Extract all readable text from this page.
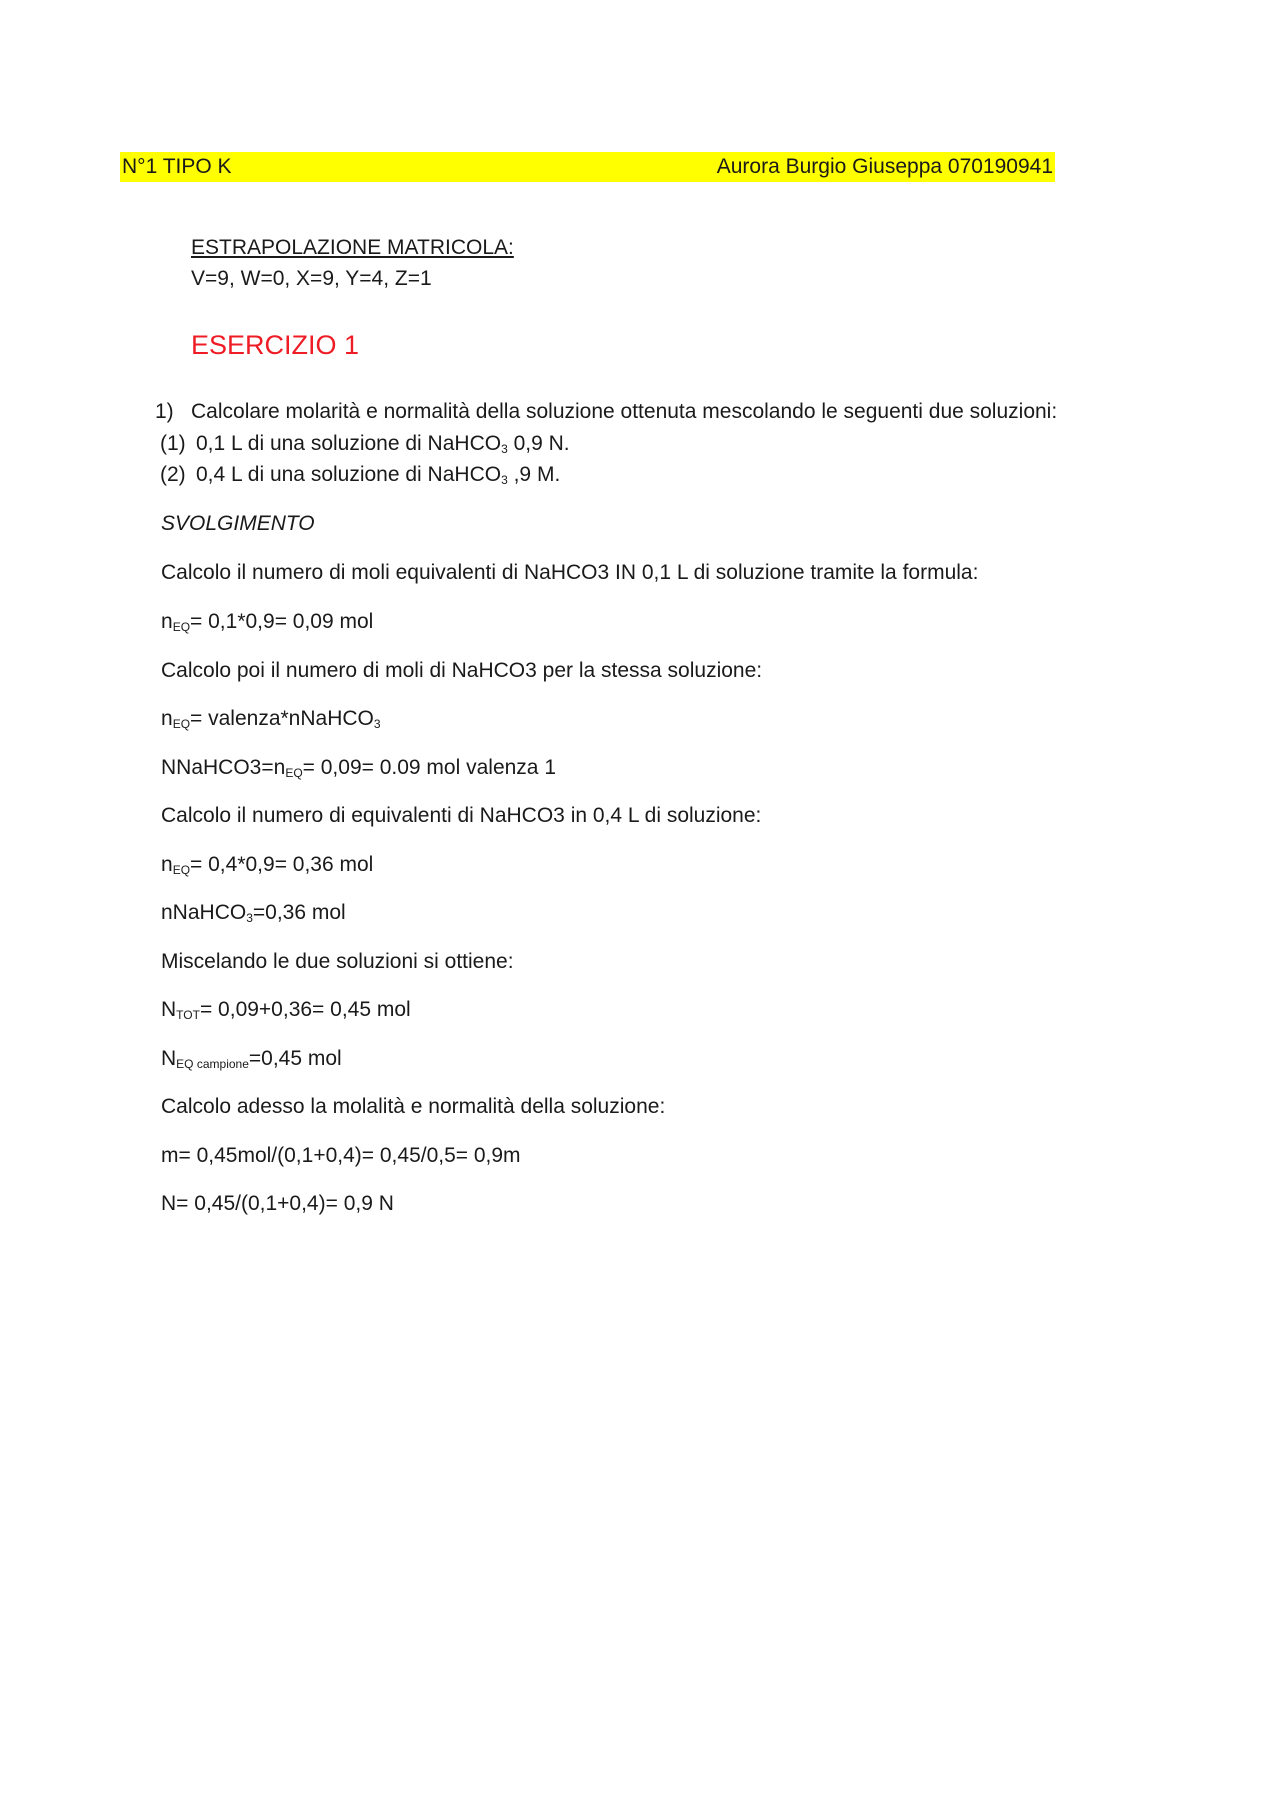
N°1 TIPO K	Aurora Burgio Giuseppa 070190941
ESTRAPOLAZIONE MATRICOLA:
V=9, W=0, X=9, Y=4, Z=1
ESERCIZIO 1
1) Calcolare molarità e normalità della soluzione ottenuta mescolando le seguenti due soluzioni:
(1) 0,1 L di una soluzione di NaHCO$_3$ 0,9 N.
(2) 0,4 L di una soluzione di NaHCO$_3$ ,9 M.
SVOLGIMENTO
Calcolo il numero di moli equivalenti di NaHCO3 IN 0,1 L di soluzione tramite la formula:
$n_{EQ}= 0,1*0,9= 0,09$ mol
Calcolo poi il numero di moli di NaHCO3 per la stessa soluzione:
$n_{EQ}=$ valenza*nNaHCO$_3$
$NNaHCO3=n_{EQ}= 0,09= 0.09$ mol valenza 1
Calcolo il numero di equivalenti di NaHCO3 in 0,4 L di soluzione:
$n_{EQ}= 0,4*0,9= 0,36$ mol
nNaHCO$_3$=0,36 mol
Miscelando le due soluzioni si ottiene:
$N_{TOT}= 0,09+0,36= 0,45$ mol
$N_{EQ campione}=0,45$ mol
Calcolo adesso la molalità e normalità della soluzione:
m= 0,45mol/(0,1+0,4)= 0,45/0,5= 0,9m
N= 0,45/(0,1+0,4)= 0,9 N
